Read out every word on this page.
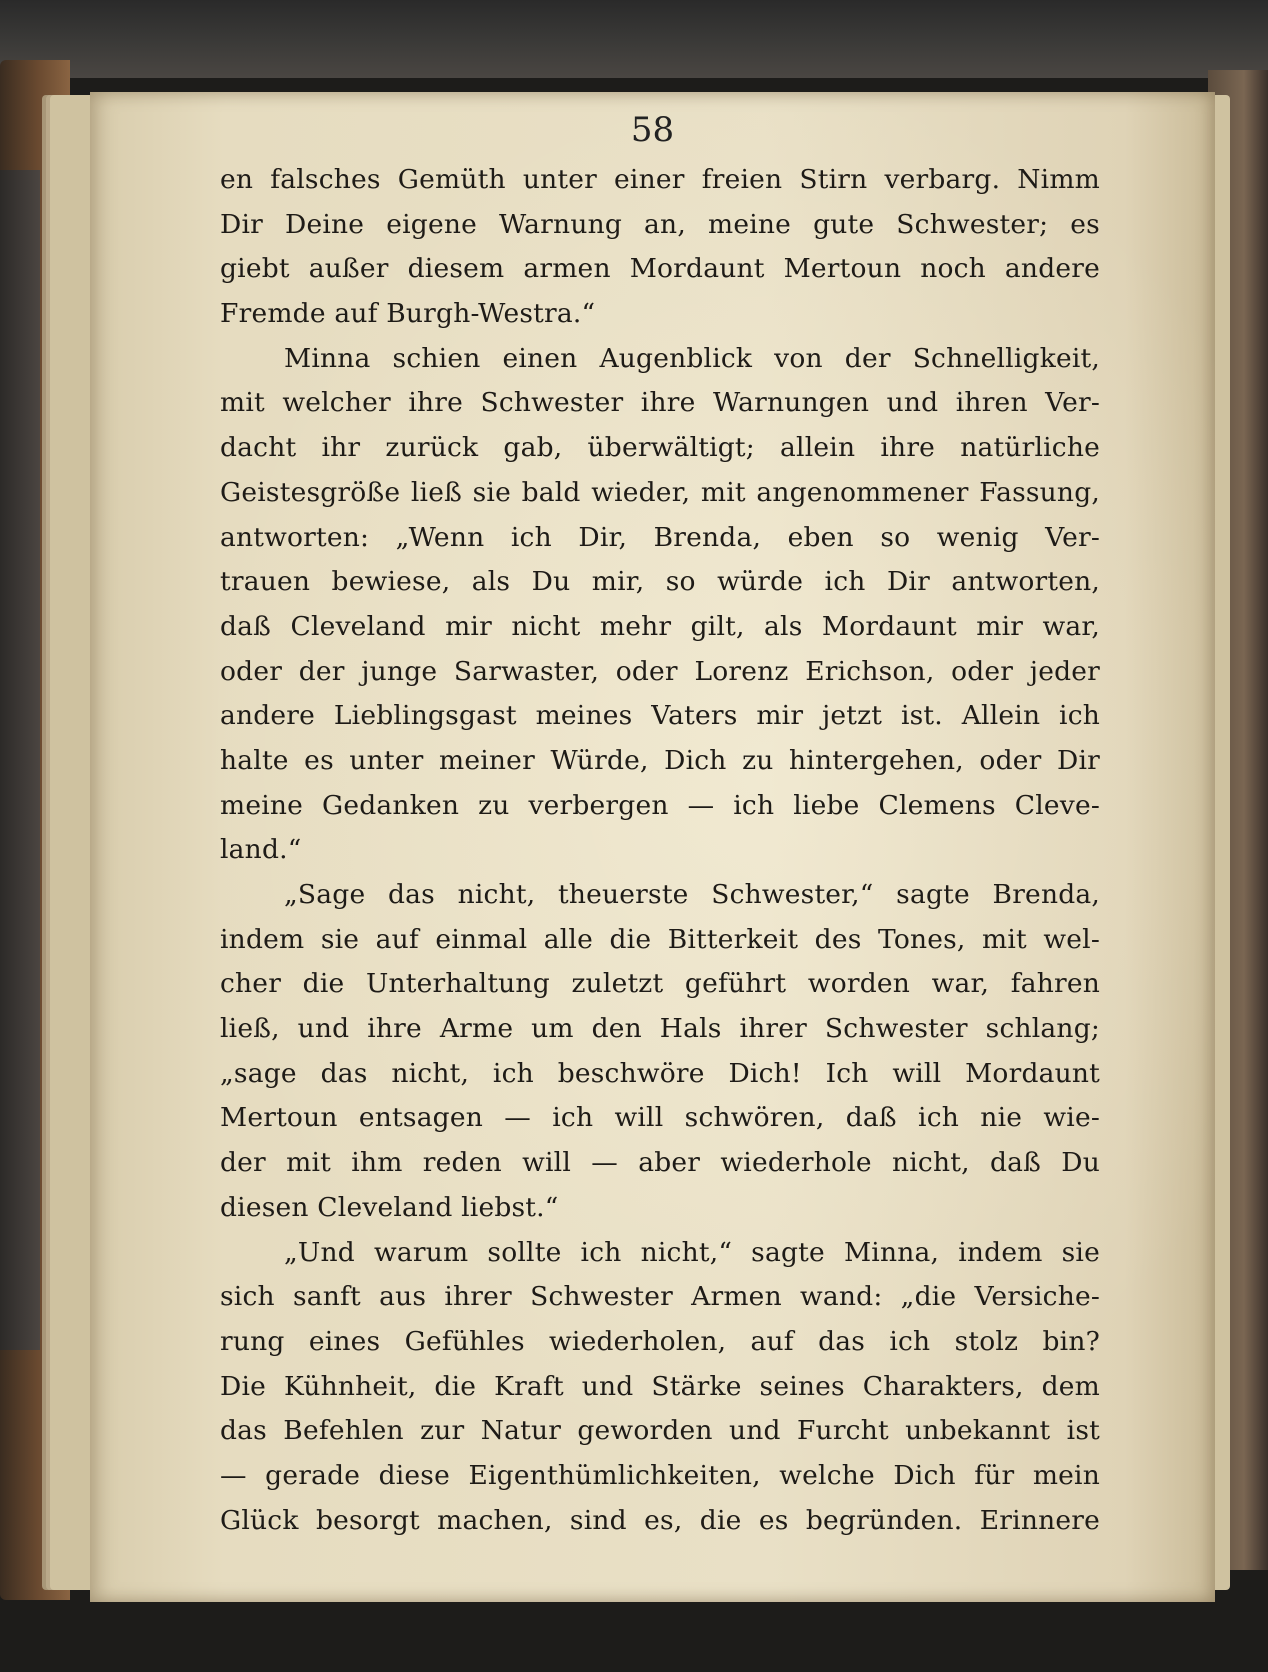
58
en falsches Gemüth unter einer freien Stirn verbarg. Nimm
Dir Deine eigene Warnung an, meine gute Schwester; es
giebt außer diesem armen Mordaunt Mertoun noch andere
Fremde auf Burgh-Westra.“
Minna schien einen Augenblick von der Schnelligkeit,
mit welcher ihre Schwester ihre Warnungen und ihren Ver-
dacht ihr zurück gab, überwältigt; allein ihre natürliche
Geistesgröße ließ sie bald wieder, mit angenommener Fassung,
antworten: „Wenn ich Dir, Brenda, eben so wenig Ver-
trauen bewiese, als Du mir, so würde ich Dir antworten,
daß Cleveland mir nicht mehr gilt, als Mordaunt mir war,
oder der junge Sarwaster, oder Lorenz Erichson, oder jeder
andere Lieblingsgast meines Vaters mir jetzt ist. Allein ich
halte es unter meiner Würde, Dich zu hintergehen, oder Dir
meine Gedanken zu verbergen — ich liebe Clemens Cleve-
land.“
„Sage das nicht, theuerste Schwester,“ sagte Brenda,
indem sie auf einmal alle die Bitterkeit des Tones, mit wel-
cher die Unterhaltung zuletzt geführt worden war, fahren
ließ, und ihre Arme um den Hals ihrer Schwester schlang;
„sage das nicht, ich beschwöre Dich! Ich will Mordaunt
Mertoun entsagen — ich will schwören, daß ich nie wie-
der mit ihm reden will — aber wiederhole nicht, daß Du
diesen Cleveland liebst.“
„Und warum sollte ich nicht,“ sagte Minna, indem sie
sich sanft aus ihrer Schwester Armen wand: „die Versiche-
rung eines Gefühles wiederholen, auf das ich stolz bin?
Die Kühnheit, die Kraft und Stärke seines Charakters, dem
das Befehlen zur Natur geworden und Furcht unbekannt ist
— gerade diese Eigenthümlichkeiten, welche Dich für mein
Glück besorgt machen, sind es, die es begründen. Erinnere
